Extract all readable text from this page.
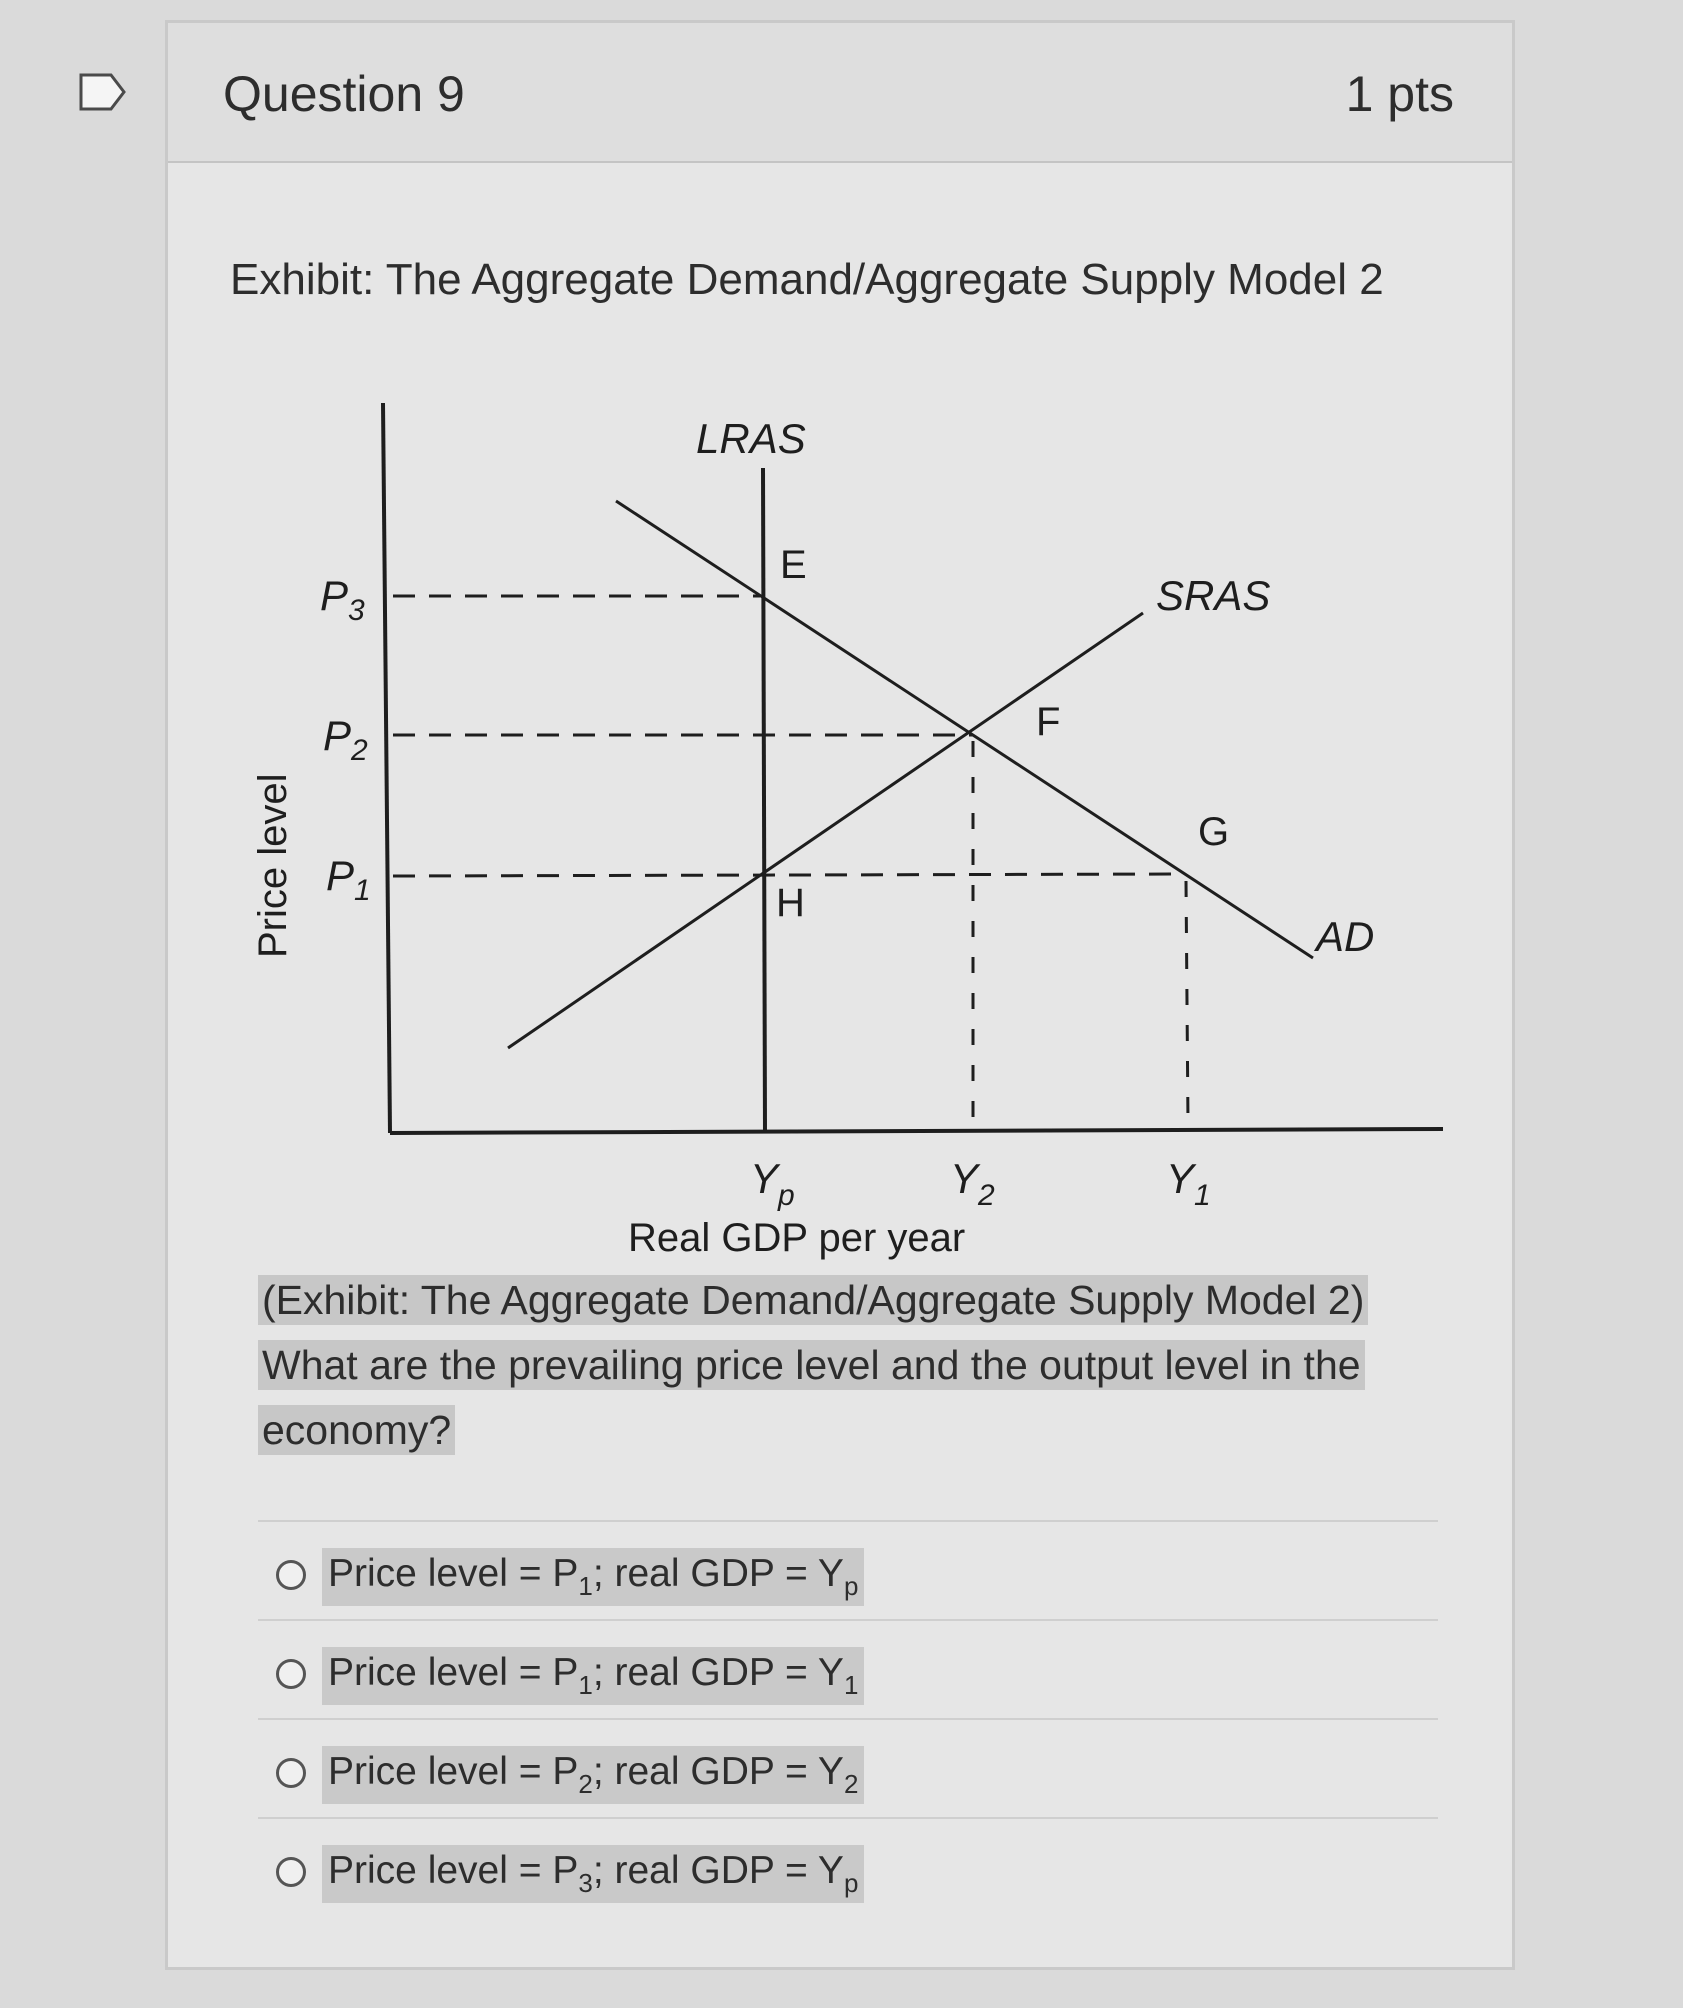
Question 9	1 pts
Exhibit: The Aggregate Demand/Aggregate Supply Model 2
LRAS
SRAS
AD
E
F
G
H
$P_3$
$P_2$
$P_1$
$Y_p$	$Y_2$	$Y_1$
Price level
Real GDP per year
(Exhibit: The Aggregate Demand/Aggregate Supply Model 2)
What are the prevailing price level and the output level in the
economy?
Price level = $P_1$; real GDP = $Y_p$
Price level = $P_1$; real GDP = $Y_1$
Price level = $P_2$; real GDP = $Y_2$
Price level = $P_3$; real GDP = $Y_p$
